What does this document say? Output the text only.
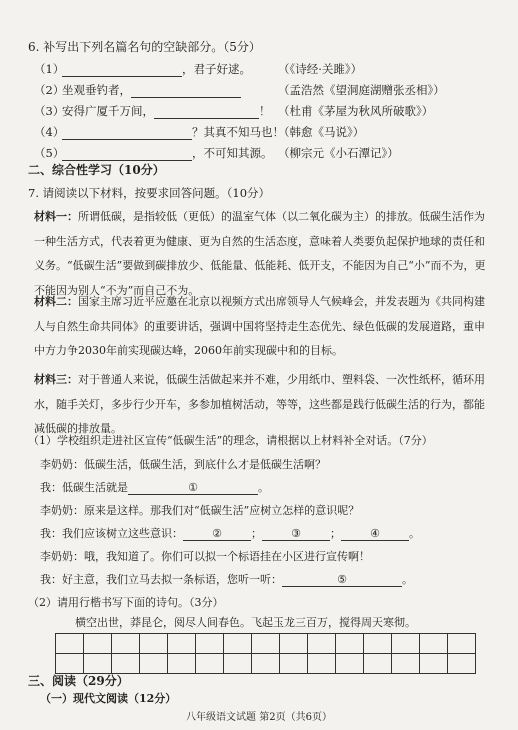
6. 补写出下列名篇名句的空缺部分。（5分）
（1）	，君子好逑。 （《诗经·关雎》）
（2）坐观垂钓者，	（孟浩然《望洞庭湖赠张丞相》）
（3）安得广厦千万间，	！ （杜甫《茅屋为秋风所破歌》）
（4）	？其真不知马也！
（韩愈《马说》）
（5）	，不可知其源。 （柳宗元《小石潭记》）
二、综合性学习（10分）
7. 请阅读以下材料，按要求回答问题。（10分）
材料一：所谓低碳，是指较低（更低）的温室气体（以二氧化碳为主）的排放。低碳生活作为一种生活方式，代表着更为健康、更为自然的生活态度，意味着人类要负起保护地球的责任和义务。“低碳生活”要做到碳排放少、低能量、低能耗、低开支，不能因为自己“小”而不为，更不能因为别人“不为”而自己不为。
材料二：国家主席习近平应邀在北京以视频方式出席领导人气候峰会，并发表题为《共同构建人与自然生命共同体》的重要讲话，强调中国将坚持走生态优先、绿色低碳的发展道路，重申中方力争2030年前实现碳达峰，2060年前实现碳中和的目标。
材料三：对于普通人来说，低碳生活做起来并不难，少用纸巾、塑料袋、一次性纸杯，循环用水，随手关灯，多步行少开车，多参加植树活动，等等，这些都是践行低碳生活的行为，都能减低碳的排放量。
（1）学校组织走进社区宣传“低碳生活”的理念，请根据以上材料补全对话。（7分）
李奶奶：低碳生活，低碳生活，到底什么才是低碳生活啊？
我：低碳生活就是	①	。
李奶奶：原来是这样。那我们对“低碳生活”应树立怎样的意识呢？
我：我们应该树立这些意识：	②	；	③	；	④	。
李奶奶：哦，我知道了。你们可以拟一个标语挂在小区进行宣传啊！
我：好主意，我们立马去拟一条标语，您听一听：	⑤	。
（2）请用行楷书写下面的诗句。（3分）
横空出世，莽昆仑，阅尽人间春色。飞起玉龙三百万，搅得周天寒彻。

三、阅读（29分）
（一）现代文阅读（12分）
八年级语文试题 第2页（共6页）
